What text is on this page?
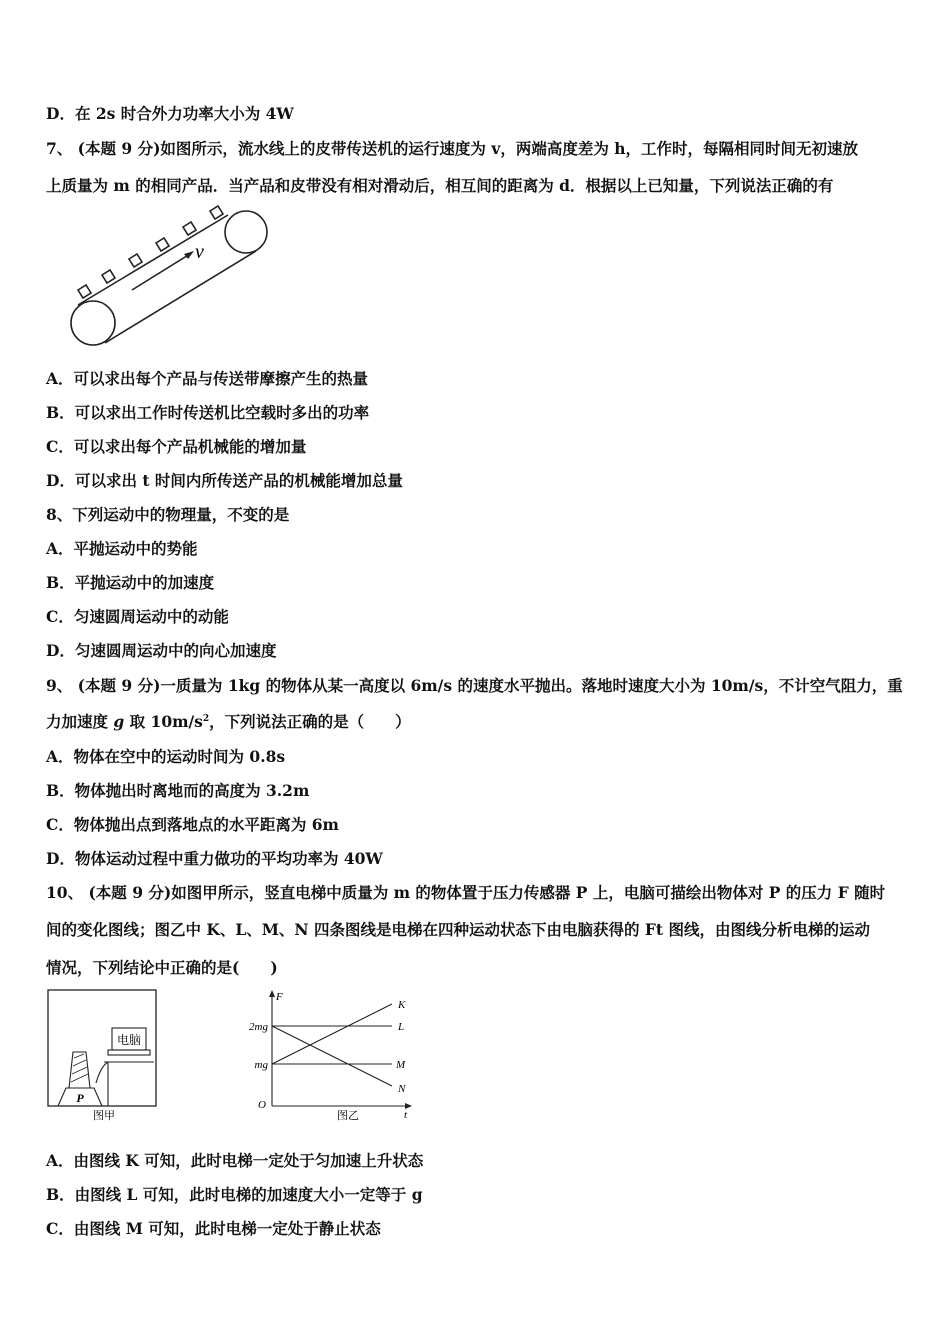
D．在 2s 时合外力功率大小为 4W
7、 (本题 9 分)如图所示，流水线上的皮带传送机的运行速度为 v，两端高度差为 h，工作时，每隔相同时间无初速放
上质量为 m 的相同产品．当产品和皮带没有相对滑动后，相互间的距离为 d．根据以上已知量，下列说法正确的有
v
A．可以求出每个产品与传送带摩擦产生的热量
B．可以求出工作时传送机比空载时多出的功率
C．可以求出每个产品机械能的增加量
D．可以求出 t 时间内所传送产品的机械能增加总量
8、下列运动中的物理量，不变的是
A．平抛运动中的势能
B．平抛运动中的加速度
C．匀速圆周运动中的动能
D．匀速圆周运动中的向心加速度
9、 (本题 9 分)一质量为 1kg 的物体从某一高度以 6m/s 的速度水平抛出。落地时速度大小为 10m/s，不计空气阻力，重
力加速度 g 取 $10m/s^2$，下列说法正确的是（　　）
A．物体在空中的运动时间为 0.8s
B．物体抛出时离地而的高度为 3.2m
C．物体抛出点到落地点的水平距离为 6m
D．物体运动过程中重力做功的平均功率为 40W
10、 (本题 9 分)如图甲所示，竖直电梯中质量为 m 的物体置于压力传感器 P 上，电脑可描绘出物体对 P 的压力 F 随时
间的变化图线；图乙中 K、L、M、N 四条图线是电梯在四种运动状态下由电脑获得的 Ft 图线，由图线分析电梯的运动
情况，下列结论中正确的是(　　)
电脑
P
图甲
F
t
O
2mg
mg
K
L
M
N
图乙
A．由图线 K 可知，此时电梯一定处于匀加速上升状态
B．由图线 L 可知，此时电梯的加速度大小一定等于 g
C．由图线 M 可知，此时电梯一定处于静止状态
